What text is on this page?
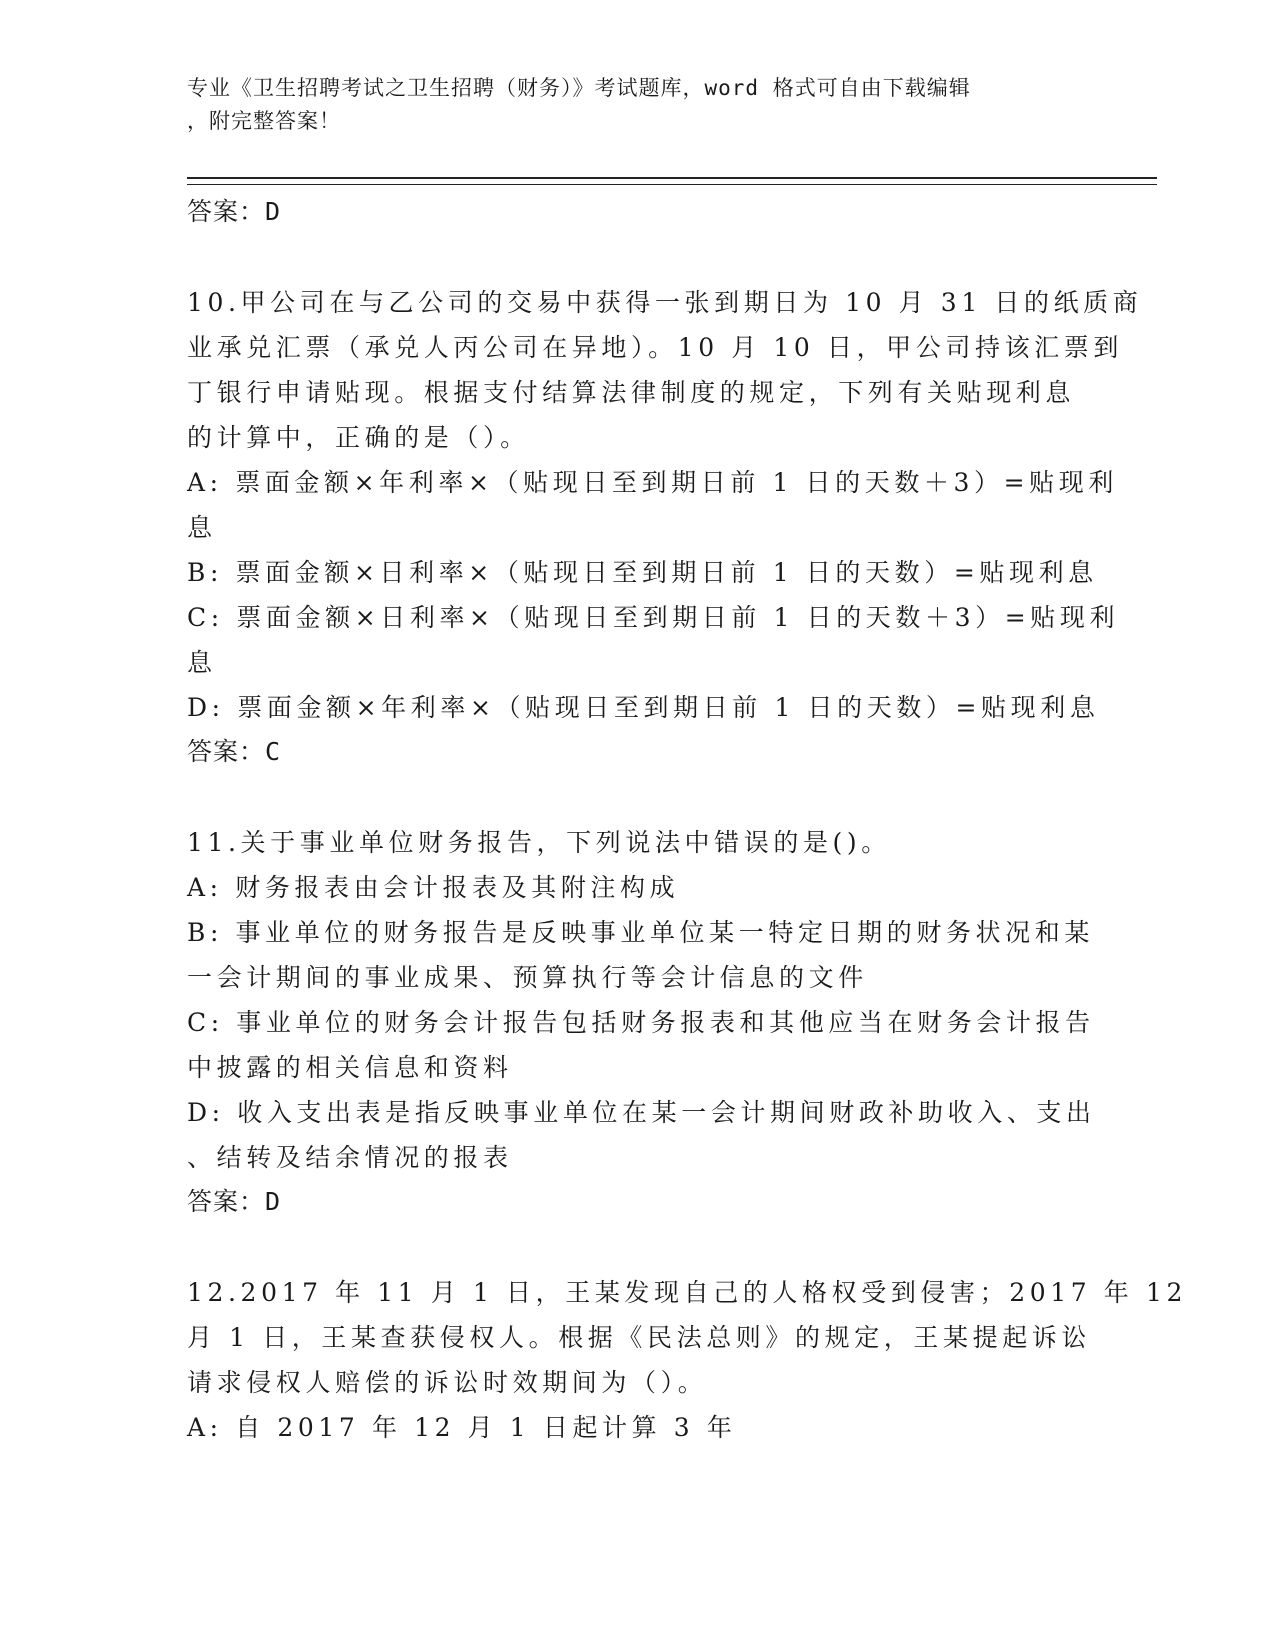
专业《卫生招聘考试之卫生招聘（财务）》考试题库，word 格式可自由下载编辑
，附完整答案！
答案：D
10.甲公司在与乙公司的交易中获得一张到期日为 10 月 31 日的纸质商
业承兑汇票（承兑人丙公司在异地）。10 月 10 日，甲公司持该汇票到
丁银行申请贴现。根据支付结算法律制度的规定，下列有关贴现利息
的计算中，正确的是（）。
A: 票面金额×年利率×（贴现日至到期日前 1 日的天数＋3）=贴现利
息
B: 票面金额×日利率×（贴现日至到期日前 1 日的天数）=贴现利息
C: 票面金额×日利率×（贴现日至到期日前 1 日的天数＋3）=贴现利
息
D: 票面金额×年利率×（贴现日至到期日前 1 日的天数）=贴现利息
答案：C
11.关于事业单位财务报告，下列说法中错误的是()。
A: 财务报表由会计报表及其附注构成
B: 事业单位的财务报告是反映事业单位某一特定日期的财务状况和某
一会计期间的事业成果、预算执行等会计信息的文件
C: 事业单位的财务会计报告包括财务报表和其他应当在财务会计报告
中披露的相关信息和资料
D: 收入支出表是指反映事业单位在某一会计期间财政补助收入、支出
、结转及结余情况的报表
答案：D
12.2017 年 11 月 1 日，王某发现自己的人格权受到侵害；2017 年 12
月 1 日，王某查获侵权人。根据《民法总则》的规定，王某提起诉讼
请求侵权人赔偿的诉讼时效期间为（）。
A: 自 2017 年 12 月 1 日起计算 3 年
